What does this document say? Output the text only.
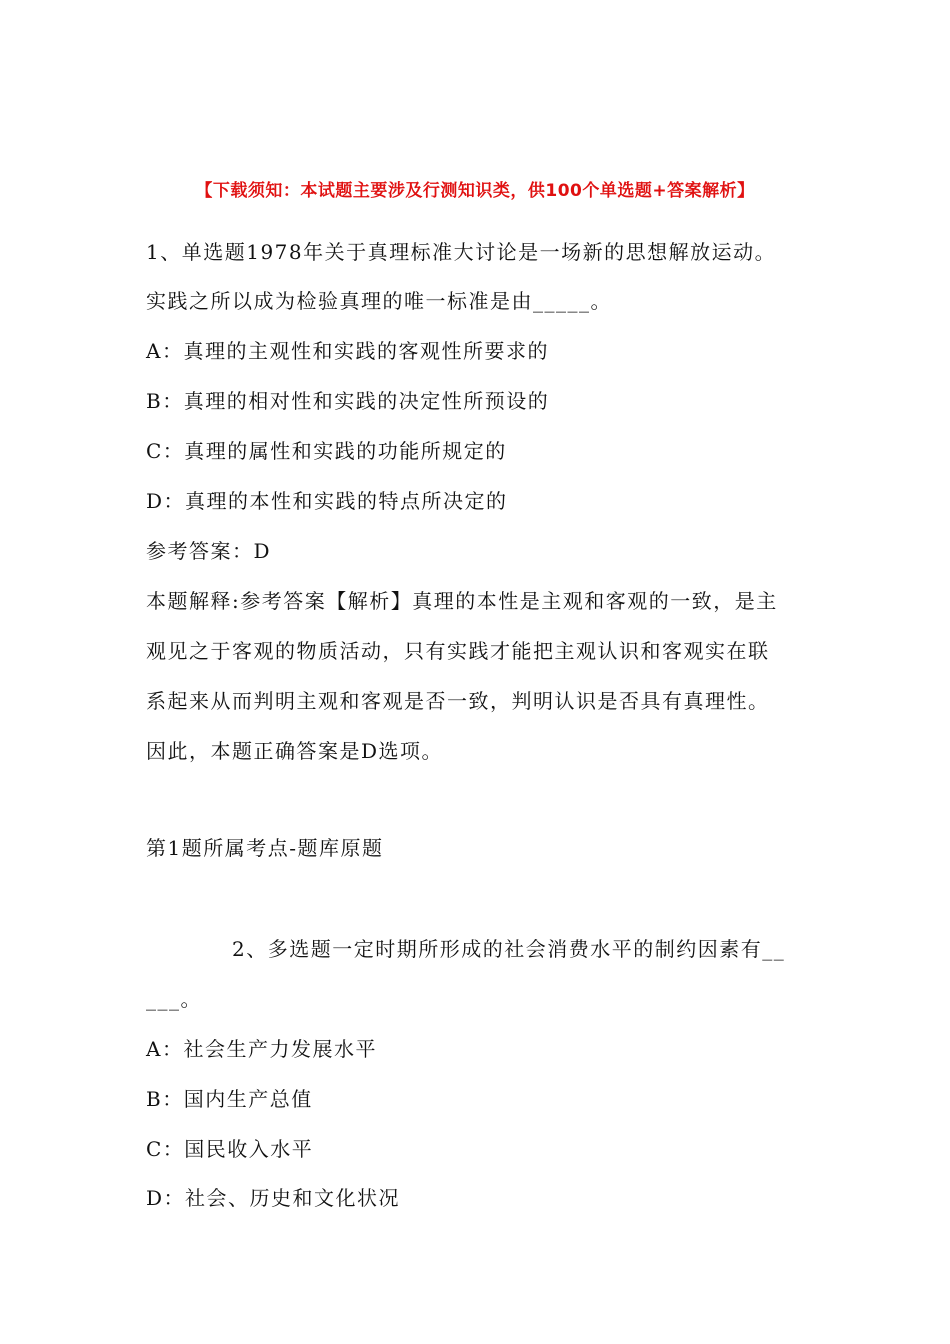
【下载须知：本试题主要涉及行测知识类，供100个单选题+答案解析】
1、单选题1978年关于真理标准大讨论是一场新的思想解放运动。
实践之所以成为检验真理的唯一标准是由_____。
A：真理的主观性和实践的客观性所要求的
B：真理的相对性和实践的决定性所预设的
C：真理的属性和实践的功能所规定的
D：真理的本性和实践的特点所决定的
参考答案：D
本题解释:参考答案【解析】真理的本性是主观和客观的一致，是主
观见之于客观的物质活动，只有实践才能把主观认识和客观实在联
系起来从而判明主观和客观是否一致，判明认识是否具有真理性。
因此，本题正确答案是D选项。
第1题所属考点-题库原题
2、多选题一定时期所形成的社会消费水平的制约因素有__
___。
A：社会生产力发展水平
B：国内生产总值
C：国民收入水平
D：社会、历史和文化状况
